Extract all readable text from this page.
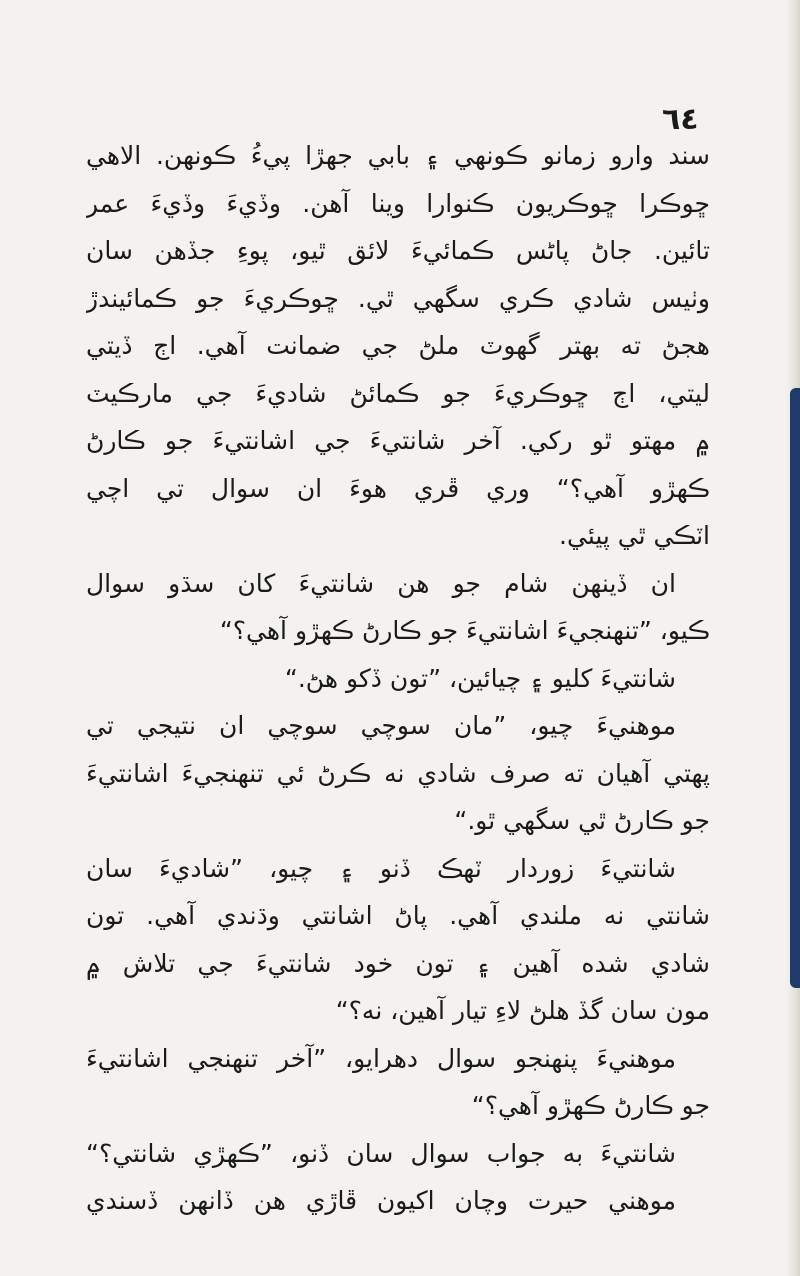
٦٤
سند وارو زمانو ڪونهي ۽ بابي جهڙا پيءُ ڪونهن. الاهي
ڇوڪرا ڇوڪريون ڪنوارا وينا آهن. وڏيءَ وڏيءَ عمر
تائين. جاڻ پاڻس ڪمائيءَ لائق ٿيو، پوءِ جڏهن سان
وٺيس شادي ڪري سگهي ٿي. ڇوڪريءَ جو ڪمائيندڙ
هجڻ ته بهتر گهوٽ ملڻ جي ضمانت آهي. اڄ ڏيتي
ليتي، اڄ ڇوڪريءَ جو ڪمائڻ شاديءَ جي مارڪيٽ
۾ مهتو ٿو رکي. آخر شانتيءَ جي اشانتيءَ جو ڪارڻ
ڪهڙو آهي؟“ وري ڦري هوءَ ان سوال تي اچي
اٽڪي ٿي پيئي.
ان ڏينهن شام جو هن شانتيءَ کان سڌو سوال
ڪيو، ”تنهنجيءَ اشانتيءَ جو ڪارڻ ڪهڙو آهي؟“
شانتيءَ کليو ۽ چيائين، ”تون ڏکو ھڻ.“
موهنيءَ چيو، ”مان سوچي سوچي ان نتيجي تي
پهتي آهيان ته صرف شادي نه ڪرڻ ئي تنهنجيءَ اشانتيءَ
جو ڪارڻ ٿي سگهي ٿو.“
شانتيءَ زوردار ٽهڪ ڏنو ۽ چيو، ”شاديءَ سان
شانتي نه ملندي آهي. پاڻ اشانتي وڌندي آهي. تون
شادي شده آهين ۽ تون خود شانتيءَ جي تلاش ۾
مون سان گڏ هلڻ لاءِ تيار آهين، نه؟“
موهنيءَ پنهنجو سوال دهرايو، ”آخر تنهنجي اشانتيءَ
جو ڪارڻ ڪهڙو آهي؟“
شانتيءَ به جواب سوال سان ڏنو، ”ڪهڙي شانتي؟“
موهني حيرت وچان اکيون ڦاڙي هن ڏانهن ڏسندي
